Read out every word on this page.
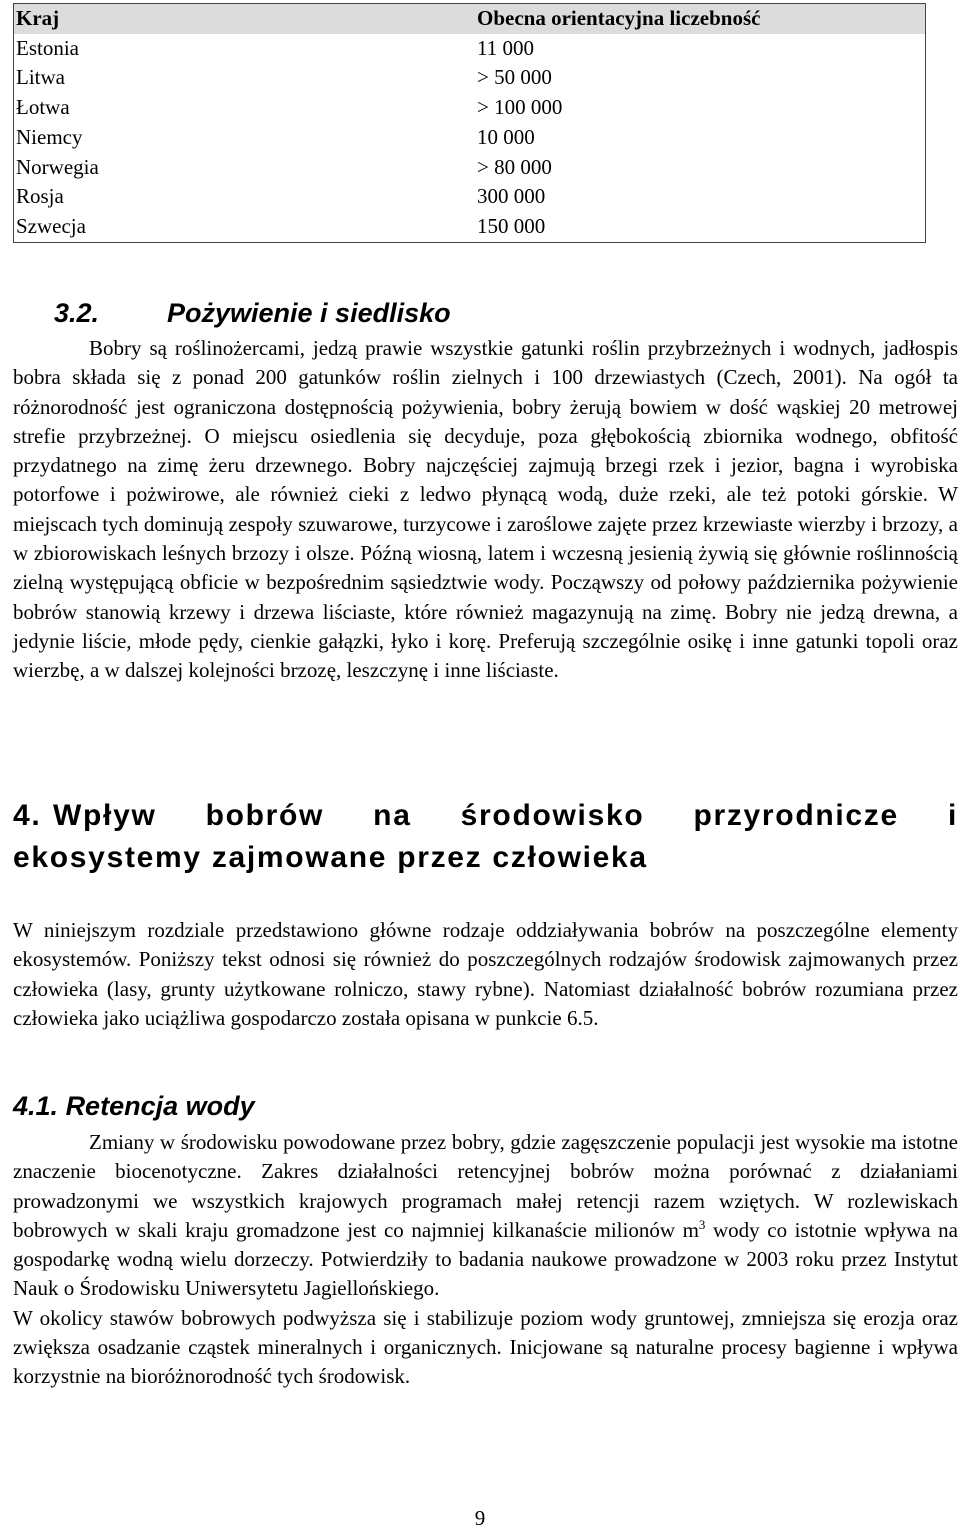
Kraj	Obecna orientacyjna liczebność
Estonia	11 000
Litwa	> 50 000
Łotwa	> 100 000
Niemcy	10 000
Norwegia	> 80 000
Rosja	300 000
Szwecja	150 000
3.2.	Pożywienie i siedlisko

Bobry są roślinożercami, jedzą prawie wszystkie gatunki roślin przybrzeżnych i wodnych, jadłospis bobra składa się z ponad 200 gatunków roślin zielnych i 100 drzewiastych (Czech, 2001). Na ogół ta różnorodność jest ograniczona dostępnością pożywienia, bobry żerują bowiem w dość wąskiej 20 metrowej strefie przybrzeżnej. O miejscu osiedlenia się decyduje, poza głębokością zbiornika wodnego, obfitość przydatnego na zimę żeru drzewnego. Bobry najczęściej zajmują brzegi rzek i jezior, bagna i wyrobiska potorfowe i pożwirowe, ale również cieki z ledwo płynącą wodą, duże rzeki, ale też potoki górskie. W miejscach tych dominują zespoły szuwarowe, turzycowe i zaroślowe zajęte przez krzewiaste wierzby i brzozy, a w zbiorowiskach leśnych brzozy i olsze. Późną wiosną, latem i wczesną jesienią żywią się głównie roślinnością zielną występującą obficie w bezpośrednim sąsiedztwie wody. Począwszy od połowy października pożywienie bobrów stanowią krzewy i drzewa liściaste, które również magazynują na zimę. Bobry nie jedzą drewna, a jedynie liście, młode pędy, cienkie gałązki, łyko i korę. Preferują szczególnie osikę i inne gatunki topoli oraz wierzbę, a w dalszej kolejności brzozę, leszczynę i inne liściaste.

4. Wpływ bobrów na środowisko przyrodnicze i ekosystemy zajmowane przez człowieka

W niniejszym rozdziale przedstawiono główne rodzaje oddziaływania bobrów na poszczególne elementy ekosystemów. Poniższy tekst odnosi się również do poszczególnych rodzajów środowisk zajmowanych przez człowieka (lasy, grunty użytkowane rolniczo, stawy rybne). Natomiast działalność bobrów rozumiana przez człowieka jako uciążliwa gospodarczo została opisana w punkcie 6.5.

4.1. Retencja wody

Zmiany w środowisku powodowane przez bobry, gdzie zagęszczenie populacji jest wysokie ma istotne znaczenie biocenotyczne. Zakres działalności retencyjnej bobrów można porównać z działaniami prowadzonymi we wszystkich krajowych programach małej retencji razem wziętych. W rozlewiskach bobrowych w skali kraju gromadzone jest co najmniej kilkanaście milionów $m^3$ wody co istotnie wpływa na gospodarkę wodną wielu dorzeczy. Potwierdziły to badania naukowe prowadzone w 2003 roku przez Instytut Nauk o Środowisku Uniwersytetu Jagiellońskiego.

W okolicy stawów bobrowych podwyższa się i stabilizuje poziom wody gruntowej, zmniejsza się erozja oraz zwiększa osadzanie cząstek mineralnych i organicznych. Inicjowane są naturalne procesy bagienne i wpływa korzystnie na bioróżnorodność tych środowisk.

9
